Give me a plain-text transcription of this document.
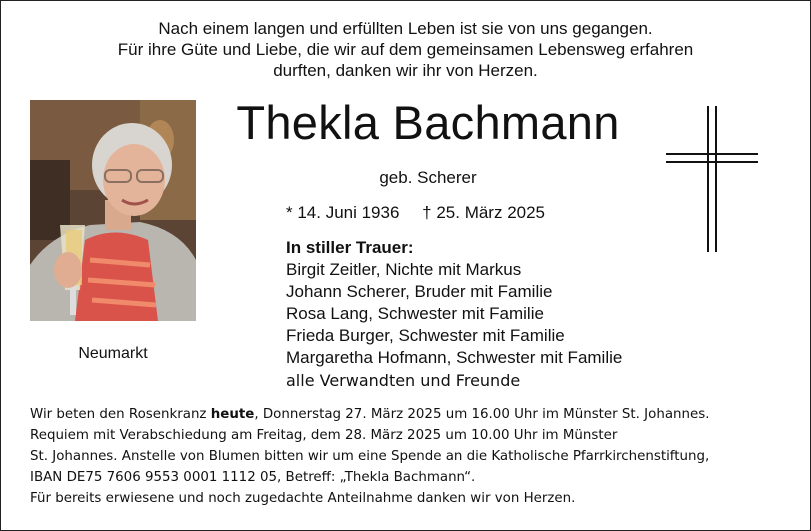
Nach einem langen und erfüllten Leben ist sie von uns gegangen.
Für ihre Güte und Liebe, die wir auf dem gemeinsamen Lebensweg erfahren
durften, danken wir ihr von Herzen.
Neumarkt
Thekla Bachmann
geb. Scherer
* 14. Juni 1936 † 25. März 2025
In stiller Trauer:
Birgit Zeitler, Nichte mit Markus
Johann Scherer, Bruder mit Familie
Rosa Lang, Schwester mit Familie
Frieda Burger, Schwester mit Familie
Margaretha Hofmann, Schwester mit Familie
alle Verwandten und Freunde
Wir beten den Rosenkranz heute, Donnerstag 27. März 2025 um 16.00 Uhr im Münster St. Johannes.
Requiem mit Verabschiedung am Freitag, dem 28. März 2025 um 10.00 Uhr im Münster
St. Johannes. Anstelle von Blumen bitten wir um eine Spende an die Katholische Pfarrkirchenstiftung,
IBAN DE75 7606 9553 0001 1112 05, Betreff: „Thekla Bachmann“.
Für bereits erwiesene und noch zugedachte Anteilnahme danken wir von Herzen.
